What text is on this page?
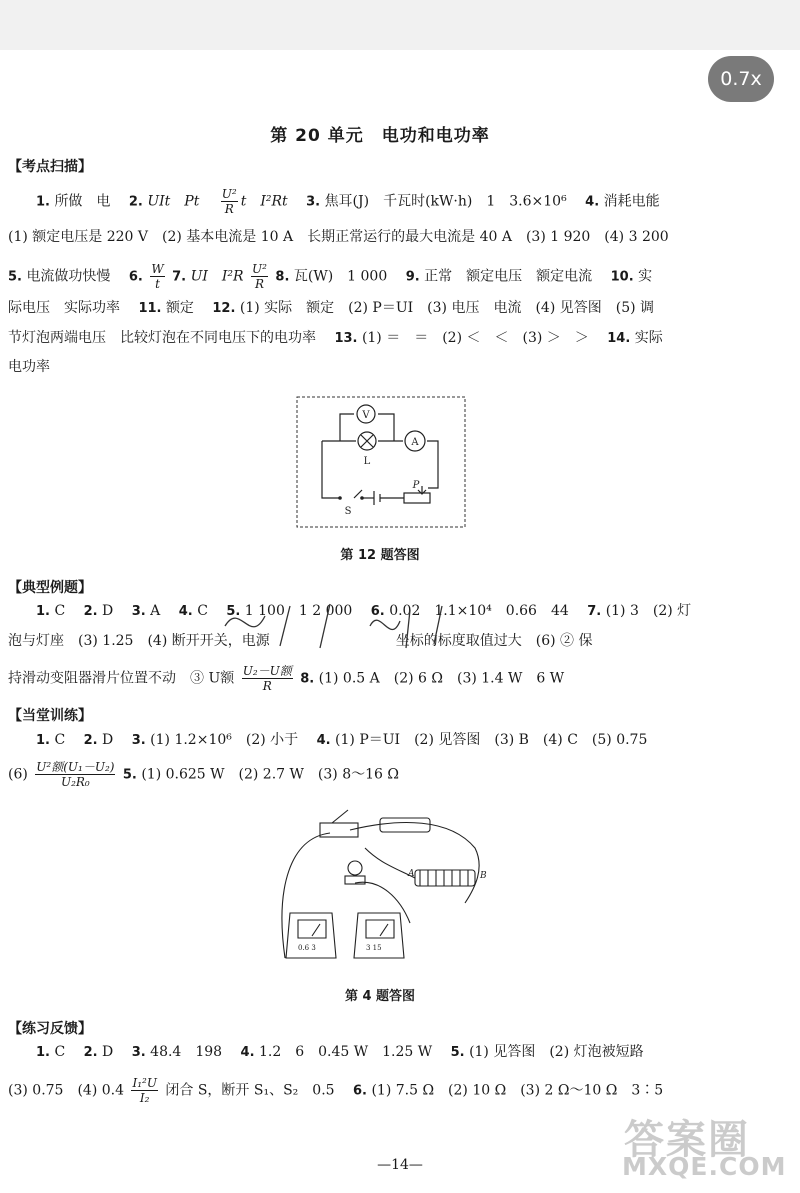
0.7x
第 20 单元　电功和电功率
【考点扫描】
1. 所做　电　 2. UIt　Pt　 $\frac{\text{U²}}{R}$ t　I²Rt　 3. 焦耳(J)　千瓦时(kW·h)　1　3.6×10⁶　 4. 消耗电能
(1) 额定电压是 220 V　(2) 基本电流是 10 A　长期正常运行的最大电流是 40 A　(3) 1 920　(4) 3 200
5. 电流做功快慢　 6. $\frac{W}{t} 7$. UI　$I^2R \frac{\text{U²}}{R} 8$. 瓦(W)　1 000　 9. 正常　额定电压　额定电流　 10. 实
际电压　实际功率　 11. 额定　 12. (1) 实际　额定　(2) P＝UI　(3) 电压　电流　(4) 见答图　(5) 调
节灯泡两端电压　比较灯泡在不同电压下的电功率　 13. (1) ＝　＝　(2) ＜　＜　(3) ＞　＞　 14. 实际
电功率
V
A
L
S
P
第 12 题答图
【典型例题】
1. C　 2. D　 3. A　 4. C　 5. 1 100　1 2 000　 6. 0.02　1.1×10⁴　0.66　44　 7. (1) 3　(2) 灯
泡与灯座　(3) 1.25　(4) 断开开关，电源　　　　　　　　　坐标的标度取值过大　(6) ② 保
持滑动变阻器滑片位置不动　③ U额 $\frac{\text{U₂－U额}}{R} 8$. (1) 0.5 A　(2) 6 Ω　(3) 1.4 W　6 W
【当堂训练】
1. C　 2. D　 3. (1) 1.2×10⁶　(2) 小于　 4. (1) P＝UI　(2) 见答图　(3) B　(4) C　(5) 0.75
$(6) \frac{\text{U²额(U₁－U₂)}}{\text{U₂R₀}} 5$. (1) 0.625 W　(2) 2.7 W　(3) 8～16 Ω
A	B
0.6 3	3 15
第 4 题答图
【练习反馈】
1. C　 2. D　 3. 48.4　198　 4. 1.2　6　0.45 W　1.25 W　 5. (1) 见答图　(2) 灯泡被短路
(3) 0.75　(4) $0.4 \frac{\text{I₁²U}}{\text{I₂}}$ 闭合 S，断开 S₁、S₂　0.5　 6. (1) 7.5 Ω　(2) 10 Ω　(3) 2 Ω～10 Ω　3∶5
—14—
答案圈
MXQE.COM
